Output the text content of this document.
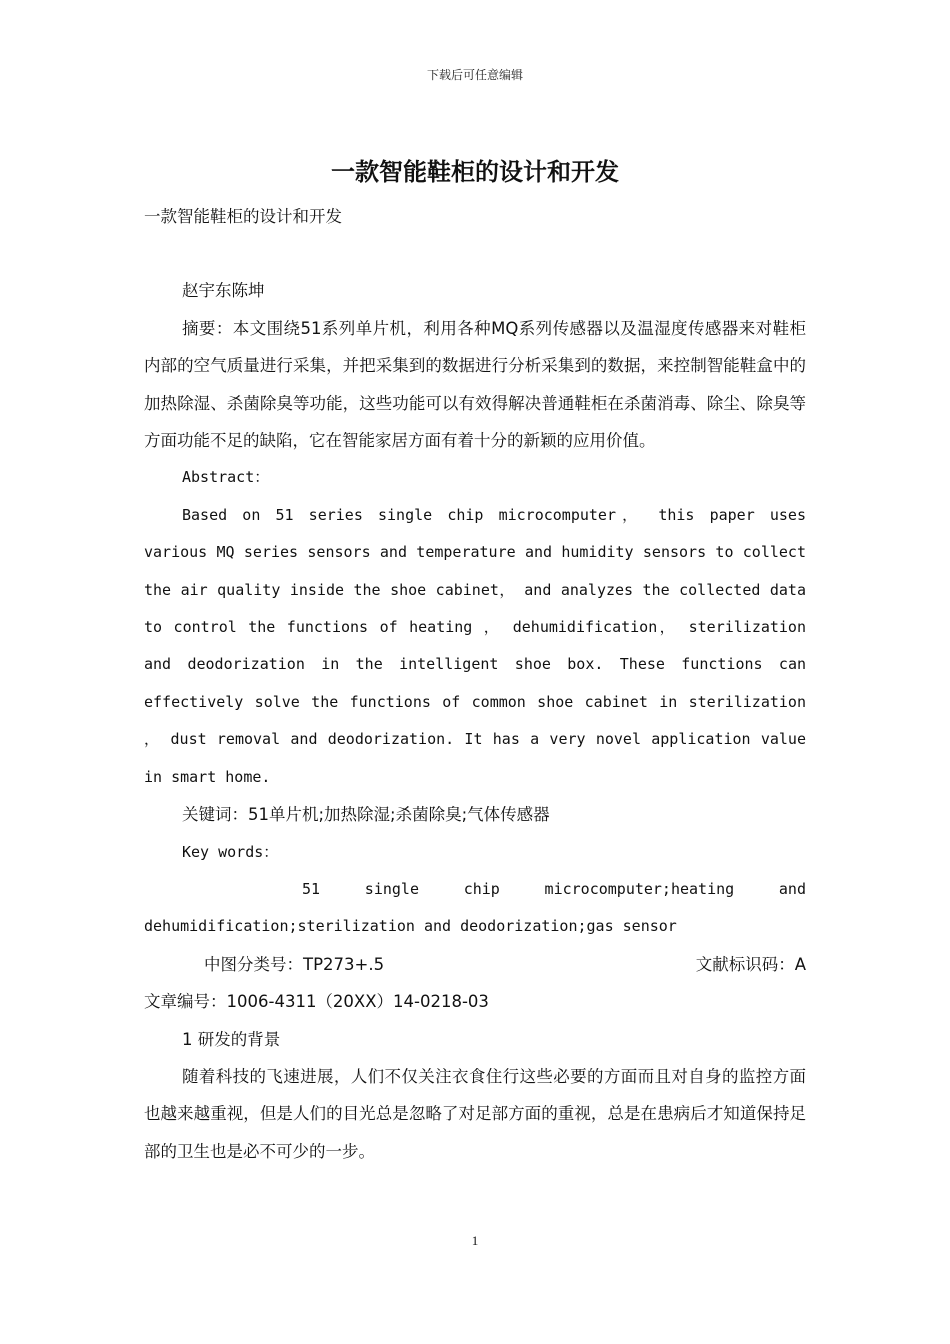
下载后可任意编辑
一款智能鞋柜的设计和开发

一款智能鞋柜的设计和开发

赵宇东陈坤

摘要：本文围绕51系列单片机，利用各种MQ系列传感器以及温湿度传感器来对鞋柜内部的空气质量进行采集，并把采集到的数据进行分析采集到的数据，来控制智能鞋盒中的加热除湿、杀菌除臭等功能，这些功能可以有效得解决普通鞋柜在杀菌消毒、除尘、除臭等方面功能不足的缺陷，它在智能家居方面有着十分的新颖的应用价值。

Abstract：

Based on 51 series single chip microcomputer， this paper uses various MQ series sensors and temperature and humidity sensors to collect the air quality inside the shoe cabinet， and analyzes the collected data to control the functions of heating ， dehumidification， sterilization and deodorization in the intelligent shoe box. These functions can effectively solve the functions of common shoe cabinet in sterilization ， dust removal and deodorization. It has a very novel application value in smart home.

关键词：51单片机;加热除湿;杀菌除臭;气体传感器

Key words：

51 single chip microcomputer;heating and

dehumidification;sterilization and deodorization;gas sensor

中图分类号：TP273+.5	文献标识码：A

文章编号：1006-4311（20XX）14-0218-03

1 研发的背景

随着科技的飞速进展，人们不仅关注衣食住行这些必要的方面而且对自身的监控方面也越来越重视，但是人们的目光总是忽略了对足部方面的重视，总是在患病后才知道保持足部的卫生也是必不可少的一步。

1
